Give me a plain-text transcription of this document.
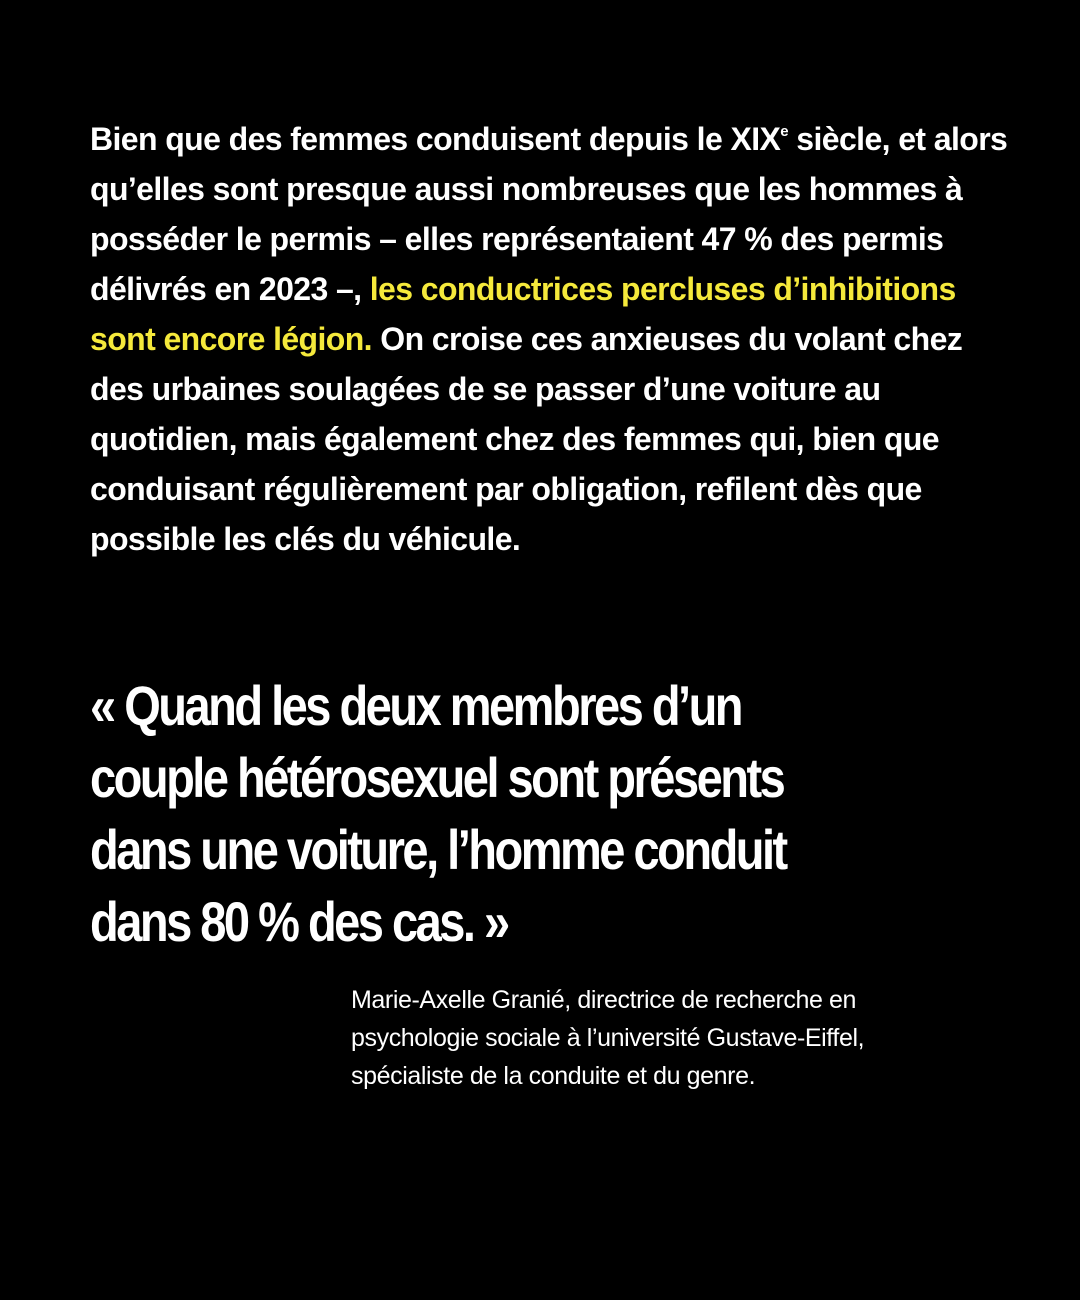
Bien que des femmes conduisent depuis le XIXe siècle, et alors qu’elles sont presque aussi nombreuses que les hommes à posséder le permis – elles représentaient 47 % des permis délivrés en 2023 –, les conductrices percluses d’inhibitions sont encore légion. On croise ces anxieuses du volant chez des urbaines soulagées de se passer d’une voiture au quotidien, mais également chez des femmes qui, bien que conduisant régulièrement par obligation, refilent dès que possible les clés du véhicule.

« Quand les deux membres d’un couple hétérosexuel sont présents dans une voiture, l’homme conduit dans 80 % des cas. »

Marie-Axelle Granié, directrice de recherche en psychologie sociale à l’université Gustave-Eiffel, spécialiste de la conduite et du genre.
